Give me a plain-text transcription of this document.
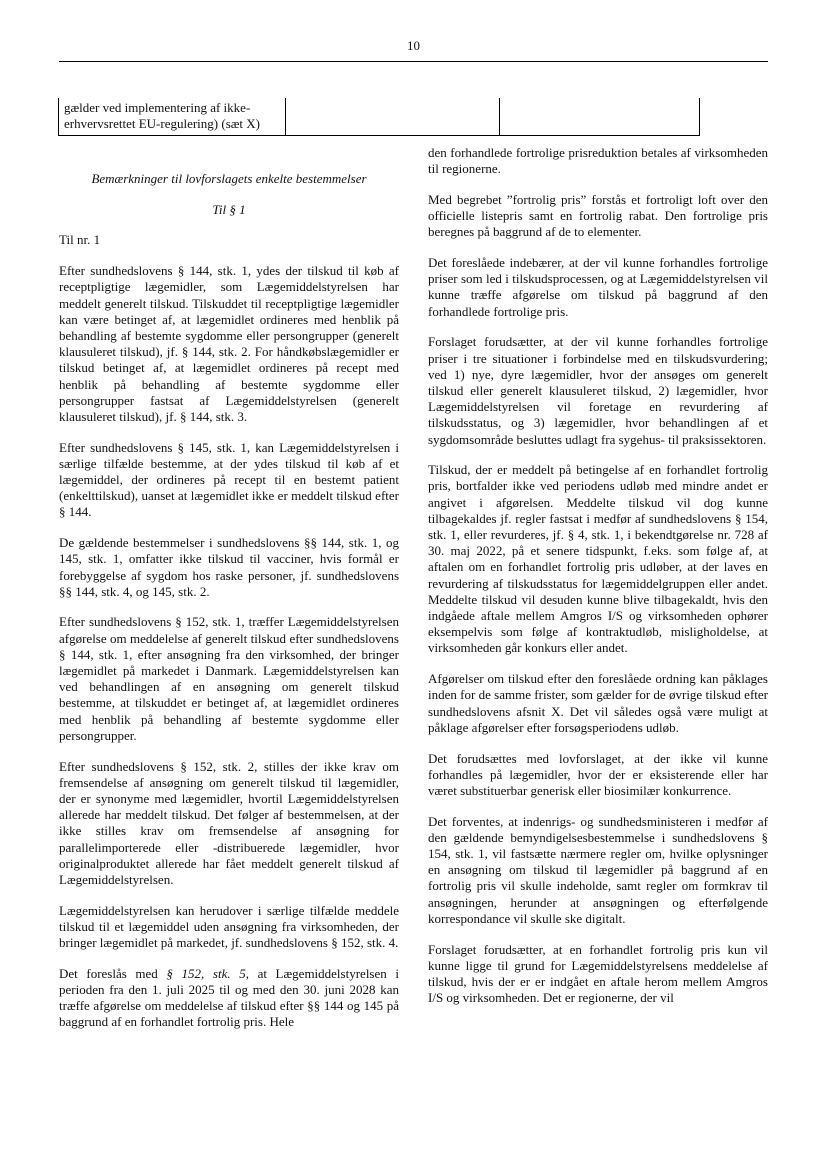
10
gælder ved implementering af ikke-erhvervsrettet EU-regulering) (sæt X)

Bemærkninger til lovforslagets enkelte bestemmelser

Til § 1

Til nr. 1

Efter sundhedslovens § 144, stk. 1, ydes der tilskud til køb af receptpligtige lægemidler, som Lægemiddelstyrelsen har meddelt generelt tilskud. Tilskuddet til receptpligtige lægemidler kan være betinget af, at lægemidlet ordineres med henblik på behandling af bestemte sygdomme eller persongrupper (generelt klausuleret tilskud), jf. § 144, stk. 2. For håndkøbslægemidler er tilskud betinget af, at lægemidlet ordineres på recept med henblik på behandling af bestemte sygdomme eller persongrupper fastsat af Lægemiddelstyrelsen (generelt klausuleret tilskud), jf. § 144, stk. 3.

Efter sundhedslovens § 145, stk. 1, kan Lægemiddelstyrelsen i særlige tilfælde bestemme, at der ydes tilskud til køb af et lægemiddel, der ordineres på recept til en bestemt patient (enkelttilskud), uanset at lægemidlet ikke er meddelt tilskud efter § 144.

De gældende bestemmelser i sundhedslovens §§ 144, stk. 1, og 145, stk. 1, omfatter ikke tilskud til vacciner, hvis formål er forebyggelse af sygdom hos raske personer, jf. sundhedslovens §§ 144, stk. 4, og 145, stk. 2.

Efter sundhedslovens § 152, stk. 1, træffer Lægemiddelstyrelsen afgørelse om meddelelse af generelt tilskud efter sundhedslovens § 144, stk. 1, efter ansøgning fra den virksomhed, der bringer lægemidlet på markedet i Danmark. Lægemiddelstyrelsen kan ved behandlingen af en ansøgning om generelt tilskud bestemme, at tilskuddet er betinget af, at lægemidlet ordineres med henblik på behandling af bestemte sygdomme eller persongrupper.

Efter sundhedslovens § 152, stk. 2, stilles der ikke krav om fremsendelse af ansøgning om generelt tilskud til lægemidler, der er synonyme med lægemidler, hvortil Lægemiddelstyrelsen allerede har meddelt tilskud. Det følger af bestemmelsen, at der ikke stilles krav om fremsendelse af ansøgning for parallelimporterede eller -distribuerede lægemidler, hvor originalproduktet allerede har fået meddelt generelt tilskud af Lægemiddelstyrelsen.

Lægemiddelstyrelsen kan herudover i særlige tilfælde meddele tilskud til et lægemiddel uden ansøgning fra virksomheden, der bringer lægemidlet på markedet, jf. sundhedslovens § 152, stk. 4.

Det foreslås med § 152, stk. 5, at Lægemiddelstyrelsen i perioden fra den 1. juli 2025 til og med den 30. juni 2028 kan træffe afgørelse om meddelelse af tilskud efter §§ 144 og 145 på baggrund af en forhandlet fortrolig pris. Hele

den forhandlede fortrolige prisreduktion betales af virksomheden til regionerne.

Med begrebet ”fortrolig pris” forstås et fortroligt loft over den officielle listepris samt en fortrolig rabat. Den fortrolige pris beregnes på baggrund af de to elementer.

Det foreslåede indebærer, at der vil kunne forhandles fortrolige priser som led i tilskudsprocessen, og at Lægemiddelstyrelsen vil kunne træffe afgørelse om tilskud på baggrund af den forhandlede fortrolige pris.

Forslaget forudsætter, at der vil kunne forhandles fortrolige priser i tre situationer i forbindelse med en tilskudsvurdering; ved 1) nye, dyre lægemidler, hvor der ansøges om generelt tilskud eller generelt klausuleret tilskud, 2) lægemidler, hvor Lægemiddelstyrelsen vil foretage en revurdering af tilskudsstatus, og 3) lægemidler, hvor behandlingen af et sygdomsområde besluttes udlagt fra sygehus- til praksissektoren.

Tilskud, der er meddelt på betingelse af en forhandlet fortrolig pris, bortfalder ikke ved periodens udløb med mindre andet er angivet i afgørelsen. Meddelte tilskud vil dog kunne tilbagekaldes jf. regler fastsat i medfør af sundhedslovens § 154, stk. 1, eller revurderes, jf. § 4, stk. 1, i bekendtgørelse nr. 728 af 30. maj 2022, på et senere tidspunkt, f.eks. som følge af, at aftalen om en forhandlet fortrolig pris udløber, at der laves en revurdering af tilskudsstatus for lægemiddelgruppen eller andet. Meddelte tilskud vil desuden kunne blive tilbagekaldt, hvis den indgåede aftale mellem Amgros I/S og virksomheden ophører eksempelvis som følge af kontraktudløb, misligholdelse, at virksomheden går konkurs eller andet.

Afgørelser om tilskud efter den foreslåede ordning kan påklages inden for de samme frister, som gælder for de øvrige tilskud efter sundhedslovens afsnit X. Det vil således også være muligt at påklage afgørelser efter forsøgsperiodens udløb.

Det forudsættes med lovforslaget, at der ikke vil kunne forhandles på lægemidler, hvor der er eksisterende eller har været substituerbar generisk eller biosimilær konkurrence.

Det forventes, at indenrigs- og sundhedsministeren i medfør af den gældende bemyndigelsesbestemmelse i sundhedslovens § 154, stk. 1, vil fastsætte nærmere regler om, hvilke oplysninger en ansøgning om tilskud til lægemidler på baggrund af en fortrolig pris vil skulle indeholde, samt regler om formkrav til ansøgningen, herunder at ansøgningen og efterfølgende korrespondance vil skulle ske digitalt.

Forslaget forudsætter, at en forhandlet fortrolig pris kun vil kunne ligge til grund for Lægemiddelstyrelsens meddelelse af tilskud, hvis der er er indgået en aftale herom mellem Amgros I/S og virksomheden. Det er regionerne, der vil
